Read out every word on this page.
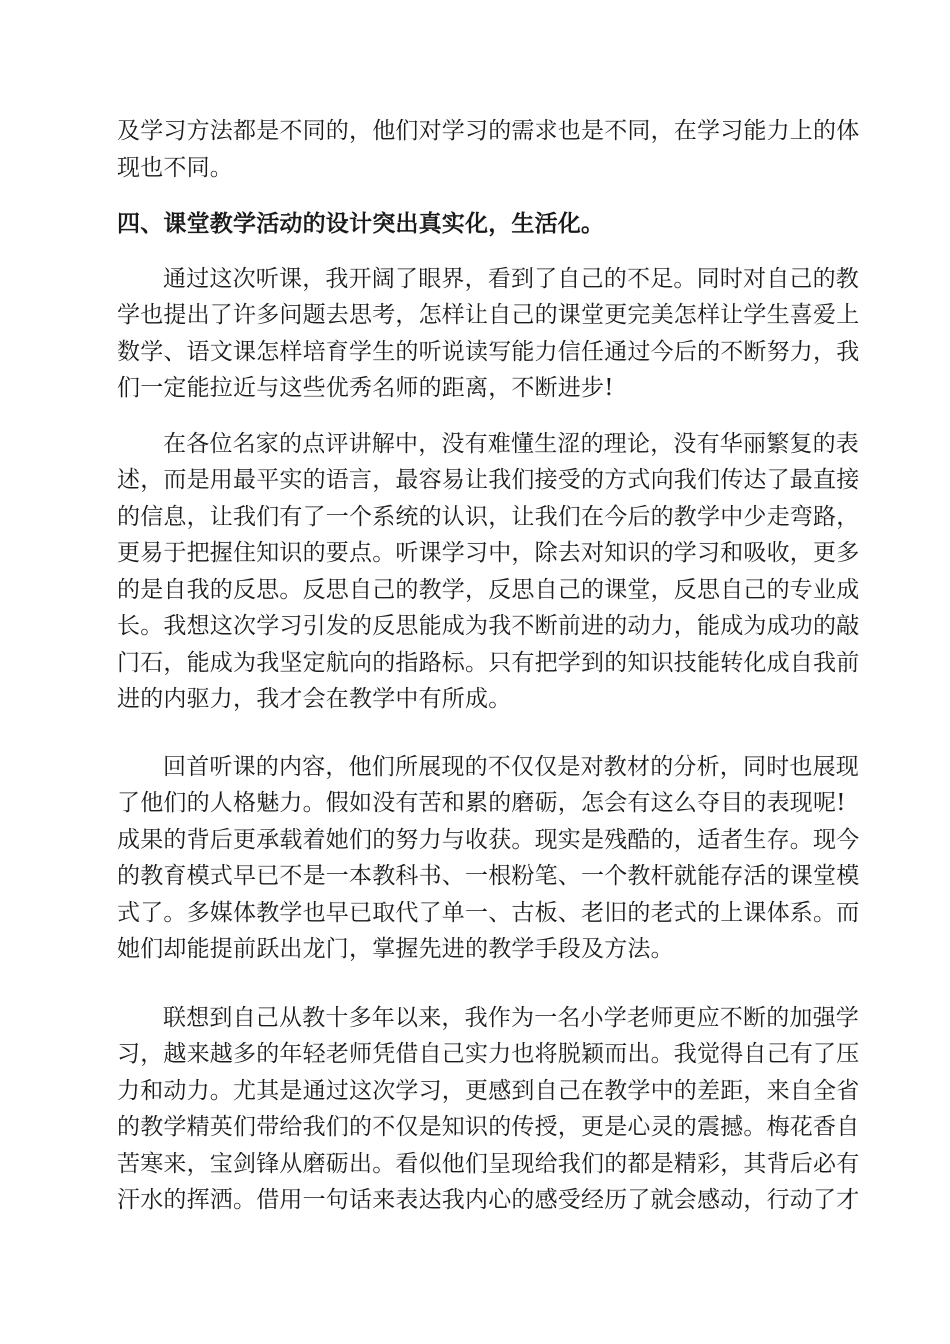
及学习方法都是不同的，他们对学习的需求也是不同，在学习能力上的体
现也不同。
四、课堂教学活动的设计突出真实化，生活化。
通过这次听课，我开阔了眼界，看到了自己的不足。同时对自己的教
学也提出了许多问题去思考，怎样让自己的课堂更完美怎样让学生喜爱上
数学、语文课怎样培育学生的听说读写能力信任通过今后的不断努力，我
们一定能拉近与这些优秀名师的距离，不断进步!
在各位名家的点评讲解中，没有难懂生涩的理论，没有华丽繁复的表
述，而是用最平实的语言，最容易让我们接受的方式向我们传达了最直接
的信息，让我们有了一个系统的认识，让我们在今后的教学中少走弯路，
更易于把握住知识的要点。听课学习中，除去对知识的学习和吸收，更多
的是自我的反思。反思自己的教学，反思自己的课堂，反思自己的专业成
长。我想这次学习引发的反思能成为我不断前进的动力，能成为成功的敲
门石，能成为我坚定航向的指路标。只有把学到的知识技能转化成自我前
进的内驱力，我才会在教学中有所成。
回首听课的内容，他们所展现的不仅仅是对教材的分析，同时也展现
了他们的人格魅力。假如没有苦和累的磨砺，怎会有这么夺目的表现呢!
成果的背后更承载着她们的努力与收获。现实是残酷的，适者生存。现今
的教育模式早已不是一本教科书、一根粉笔、一个教杆就能存活的课堂模
式了。多媒体教学也早已取代了单一、古板、老旧的老式的上课体系。而
她们却能提前跃出龙门，掌握先进的教学手段及方法。
联想到自己从教十多年以来，我作为一名小学老师更应不断的加强学
习，越来越多的年轻老师凭借自己实力也将脱颖而出。我觉得自己有了压
力和动力。尤其是通过这次学习，更感到自己在教学中的差距，来自全省
的教学精英们带给我们的不仅是知识的传授，更是心灵的震撼。梅花香自
苦寒来，宝剑锋从磨砺出。看似他们呈现给我们的都是精彩，其背后必有
汗水的挥洒。借用一句话来表达我内心的感受经历了就会感动，行动了才
